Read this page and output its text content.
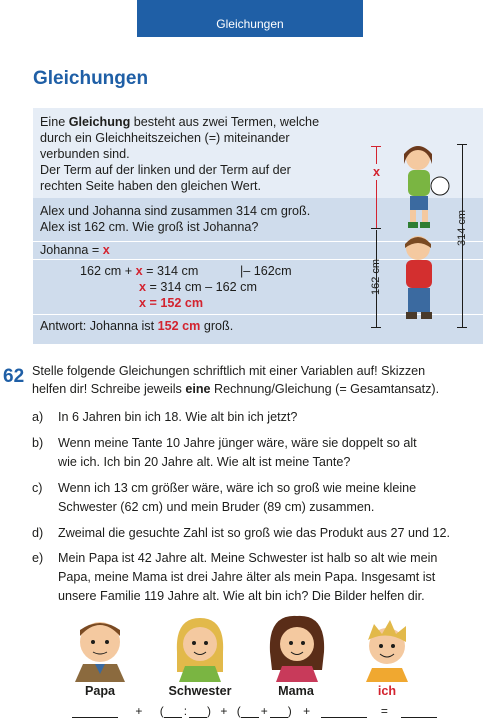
Gleichungen
Gleichungen
Eine Gleichung besteht aus zwei Termen, welche
durch ein Gleichheitszeichen (=) miteinander
verbunden sind.
Der Term auf der linken und der Term auf der
rechten Seite haben den gleichen Wert.
Alex und Johanna sind zusammen 314 cm groß.
Alex ist 162 cm. Wie groß ist Johanna?
Johanna = x
162 cm + x = 314 cm	|– 162cm
x = 314 cm – 162 cm
x = 152 cm
Antwort: Johanna ist 152 cm groß.
x
162 cm
314 cm
62 Stelle folgende Gleichungen schriftlich mit einer Variablen auf! Skizzen
helfen dir! Schreibe jeweils eine Rechnung/Gleichung (= Gesamtansatz).
a) In 6 Jahren bin ich 18. Wie alt bin ich jetzt?
b) Wenn meine Tante 10 Jahre jünger wäre, wäre sie doppelt so alt
wie ich. Ich bin 20 Jahre alt. Wie alt ist meine Tante?
c) Wenn ich 13 cm größer wäre, wäre ich so groß wie meine kleine
Schwester (62 cm) und mein Bruder (89 cm) zusammen.
d) Zweimal die gesuchte Zahl ist so groß wie das Produkt aus 27 und 12.
e) Mein Papa ist 42 Jahre alt. Meine Schwester ist halb so alt wie mein
Papa, meine Mama ist drei Jahre älter als mein Papa. Insgesamt ist
unsere Familie 119 Jahre alt. Wie alt bin ich? Die Bilder helfen dir.
Papa	Schwester	Mama	ich
+ ( : ) + ( + ) +	=
